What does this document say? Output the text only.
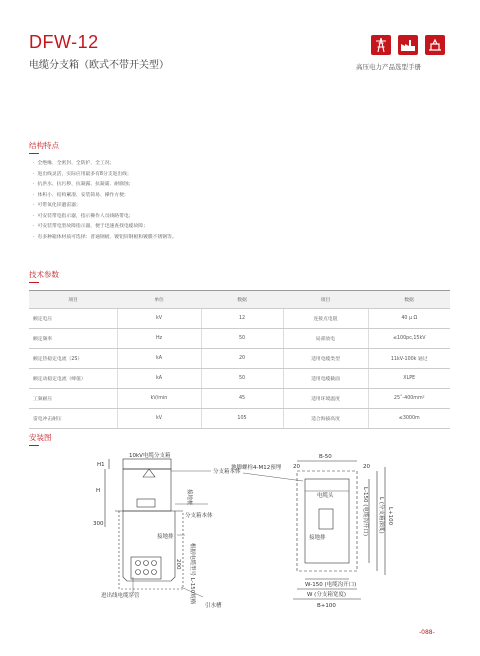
DFW-12
电缆分支箱（欧式不带开关型）	高压电力产品选型手册
结构特点
· 全绝缘、全密封、全防护、全工况；
· 进出线灵活，实际应用最多有8分支进出线；
· 抗洪水、抗污秽、抗凝露、抗凝霜、耐腐蚀；
· 体积小、结构紧凑、安装简易、操作方便；
· 可带氧化锌避雷器；
· 可安装带电指示器，指示操作人员线路带电；
· 可安装带电型故障指示器，便于迅速查找电缆故障；
· 有多种箱体材质可选择：普通钢板、镀铝锌钢板和镀膜不锈钢等。
技术参数
项目	单位	数据	项目	数据
额定电压	kV	12	连接点电阻	40 μ Ω
额定频率	Hz	50	局部放电	≤100pc,15kV
额定热稳定电流（2S）	kA	20	适用电缆类型	11kV-100k 通过
额定动稳定电流（峰值）	kA	50	适用电缆截面	XLPE
工频耐压	kV/min	45	适用环境温度	25˚-400mm²
雷电冲击耐压	kV	105	适合海拔高度	≤3000m
安装图
10kV电缆分支箱
分支箱本体
分支箱本体
接地排
进出线电缆穿管
引水槽
H1
H
300
接地桩
根据电缆型号 L-150规格
200
地脚螺栓4-M12预埋
电缆头
接地排
B-50
20	20
W-150 (电缆沟开口)
W (分支箱宽度)
B+100
L-150 (电缆沟开口)	L (分支箱深度) L+100
-088-
